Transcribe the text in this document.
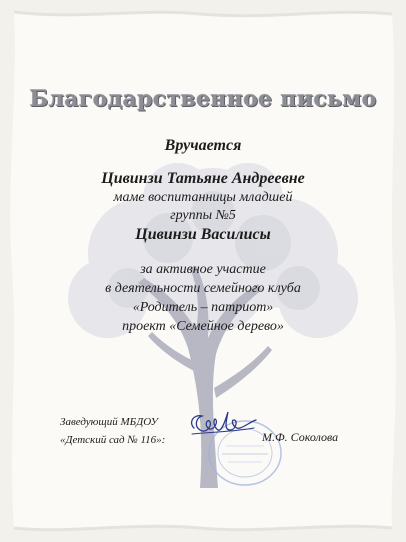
Благодарственное письмо
Вручается
Цивинзи Татьяне Андреевне
маме воспитанницы младшей
группы №5
Цивинзи Василисы
за активное участие
в деятельности семейного клуба
«Родитель – патриот»
проект «Семейное дерево»
Заведующий МБДОУ
«Детский сад № 116»:	М.Ф. Соколова
